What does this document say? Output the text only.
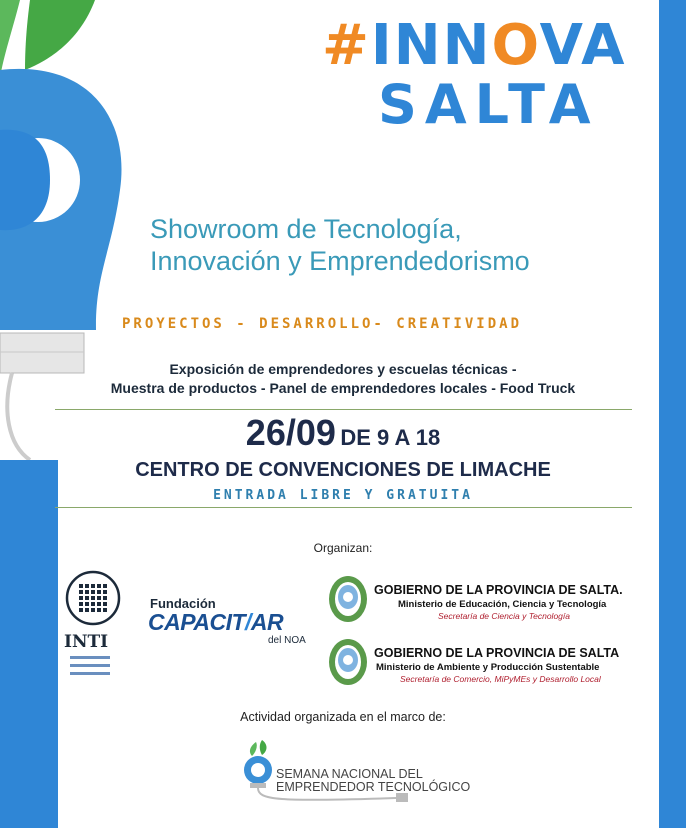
#INNOVA
SALTA
Showroom de Tecnología,
Innovación y Emprendedorismo
PROYECTOS - DESARROLLO- CREATIVIDAD
Exposición de emprendedores y escuelas técnicas -
Muestra de productos - Panel de emprendedores locales - Food Truck
26/09 DE 9 A 18
CENTRO DE CONVENCIONES DE LIMACHE
ENTRADA LIBRE Y GRATUITA
Organizan:
INTI
Fundación
CAPACIT/AR
del NOA
GOBIERNO DE LA PROVINCIA DE SALTA.
Ministerio de Educación, Ciencia y Tecnología
Secretaría de Ciencia y Tecnología
GOBIERNO DE LA PROVINCIA DE SALTA
Ministerio de Ambiente y Producción Sustentable
Secretaría de Comercio, MiPyMEs y Desarrollo Local
Actividad organizada en el marco de:
SEMANA NACIONAL DEL
EMPRENDEDOR TECNOLÓGICO
